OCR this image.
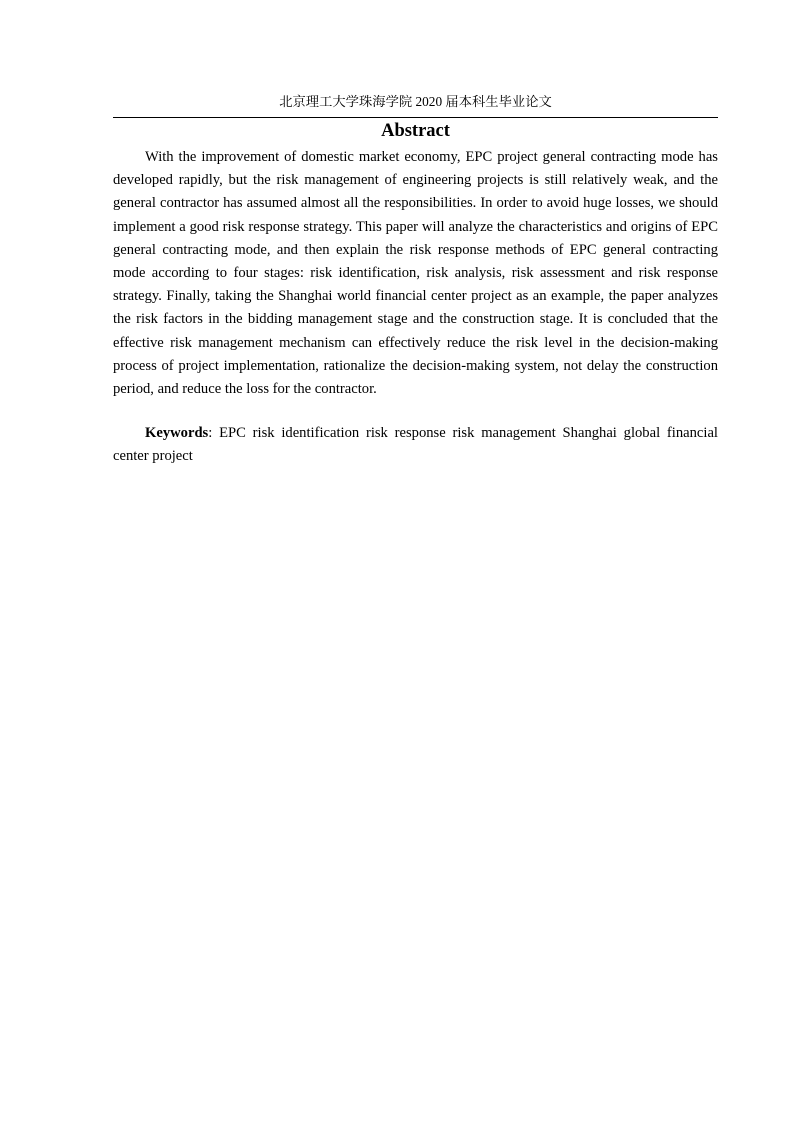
北京理工大学珠海学院 2020 届本科生毕业论文
Abstract

With the improvement of domestic market economy, EPC project general contracting mode has developed rapidly, but the risk management of engineering projects is still relatively weak, and the general contractor has assumed almost all the responsibilities. In order to avoid huge losses, we should implement a good risk response strategy. This paper will analyze the characteristics and origins of EPC general contracting mode, and then explain the risk response methods of EPC general contracting mode according to four stages: risk identification, risk analysis, risk assessment and risk response strategy. Finally, taking the Shanghai world financial center project as an example, the paper analyzes the risk factors in the bidding management stage and the construction stage. It is concluded that the effective risk management mechanism can effectively reduce the risk level in the decision-making process of project implementation, rationalize the decision-making system, not delay the construction period, and reduce the loss for the contractor.

Keywords: EPC risk identification risk response risk management Shanghai global financial center project
